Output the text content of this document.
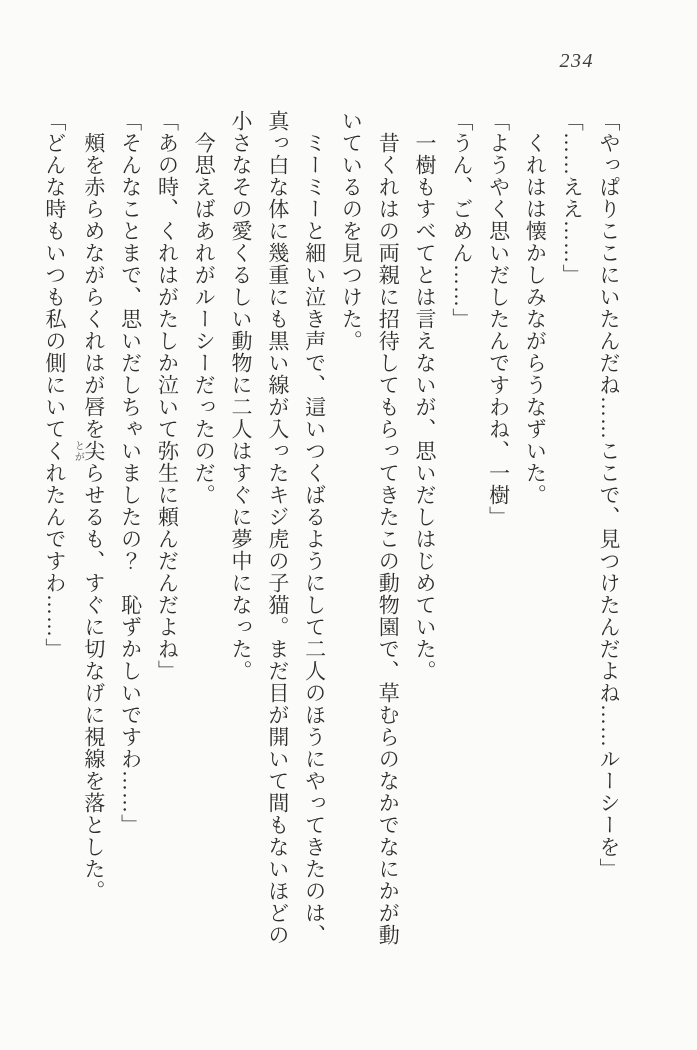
234

「やっぱりここにいたんだね……ここで、見つけたんだよね……ルーシーを」

「……ええ……」

くれはは懐かしみながらうなずいた。

「ようやく思いだしたんですわね、一樹」

「うん、ごめん……」

一樹もすべてとは言えないが、思いだしはじめていた。

昔くれはの両親に招待してもらってきたこの動物園で、草むらのなかでなにかが動いているのを見つけた。

ミーミーと細い泣き声で、這いつくばるようにして二人のほうにやってきたのは、真っ白な体に幾重にも黒い線が入ったキジ虎の子猫。まだ目が開いて間もないほどの小さなその愛くるしい動物に二人はすぐに夢中になった。

今思えばあれがルーシーだったのだ。

「あの時、くれはがたしか泣いて弥生に頼んだんだよね」

「そんなことまで、思いだしちゃいましたの？　恥ずかしいですわ……」

頰を赤らめながらくれはが唇を尖とがらせるも、すぐに切なげに視線を落とした。

「どんな時もいつも私の側にいてくれたんですわ……」
